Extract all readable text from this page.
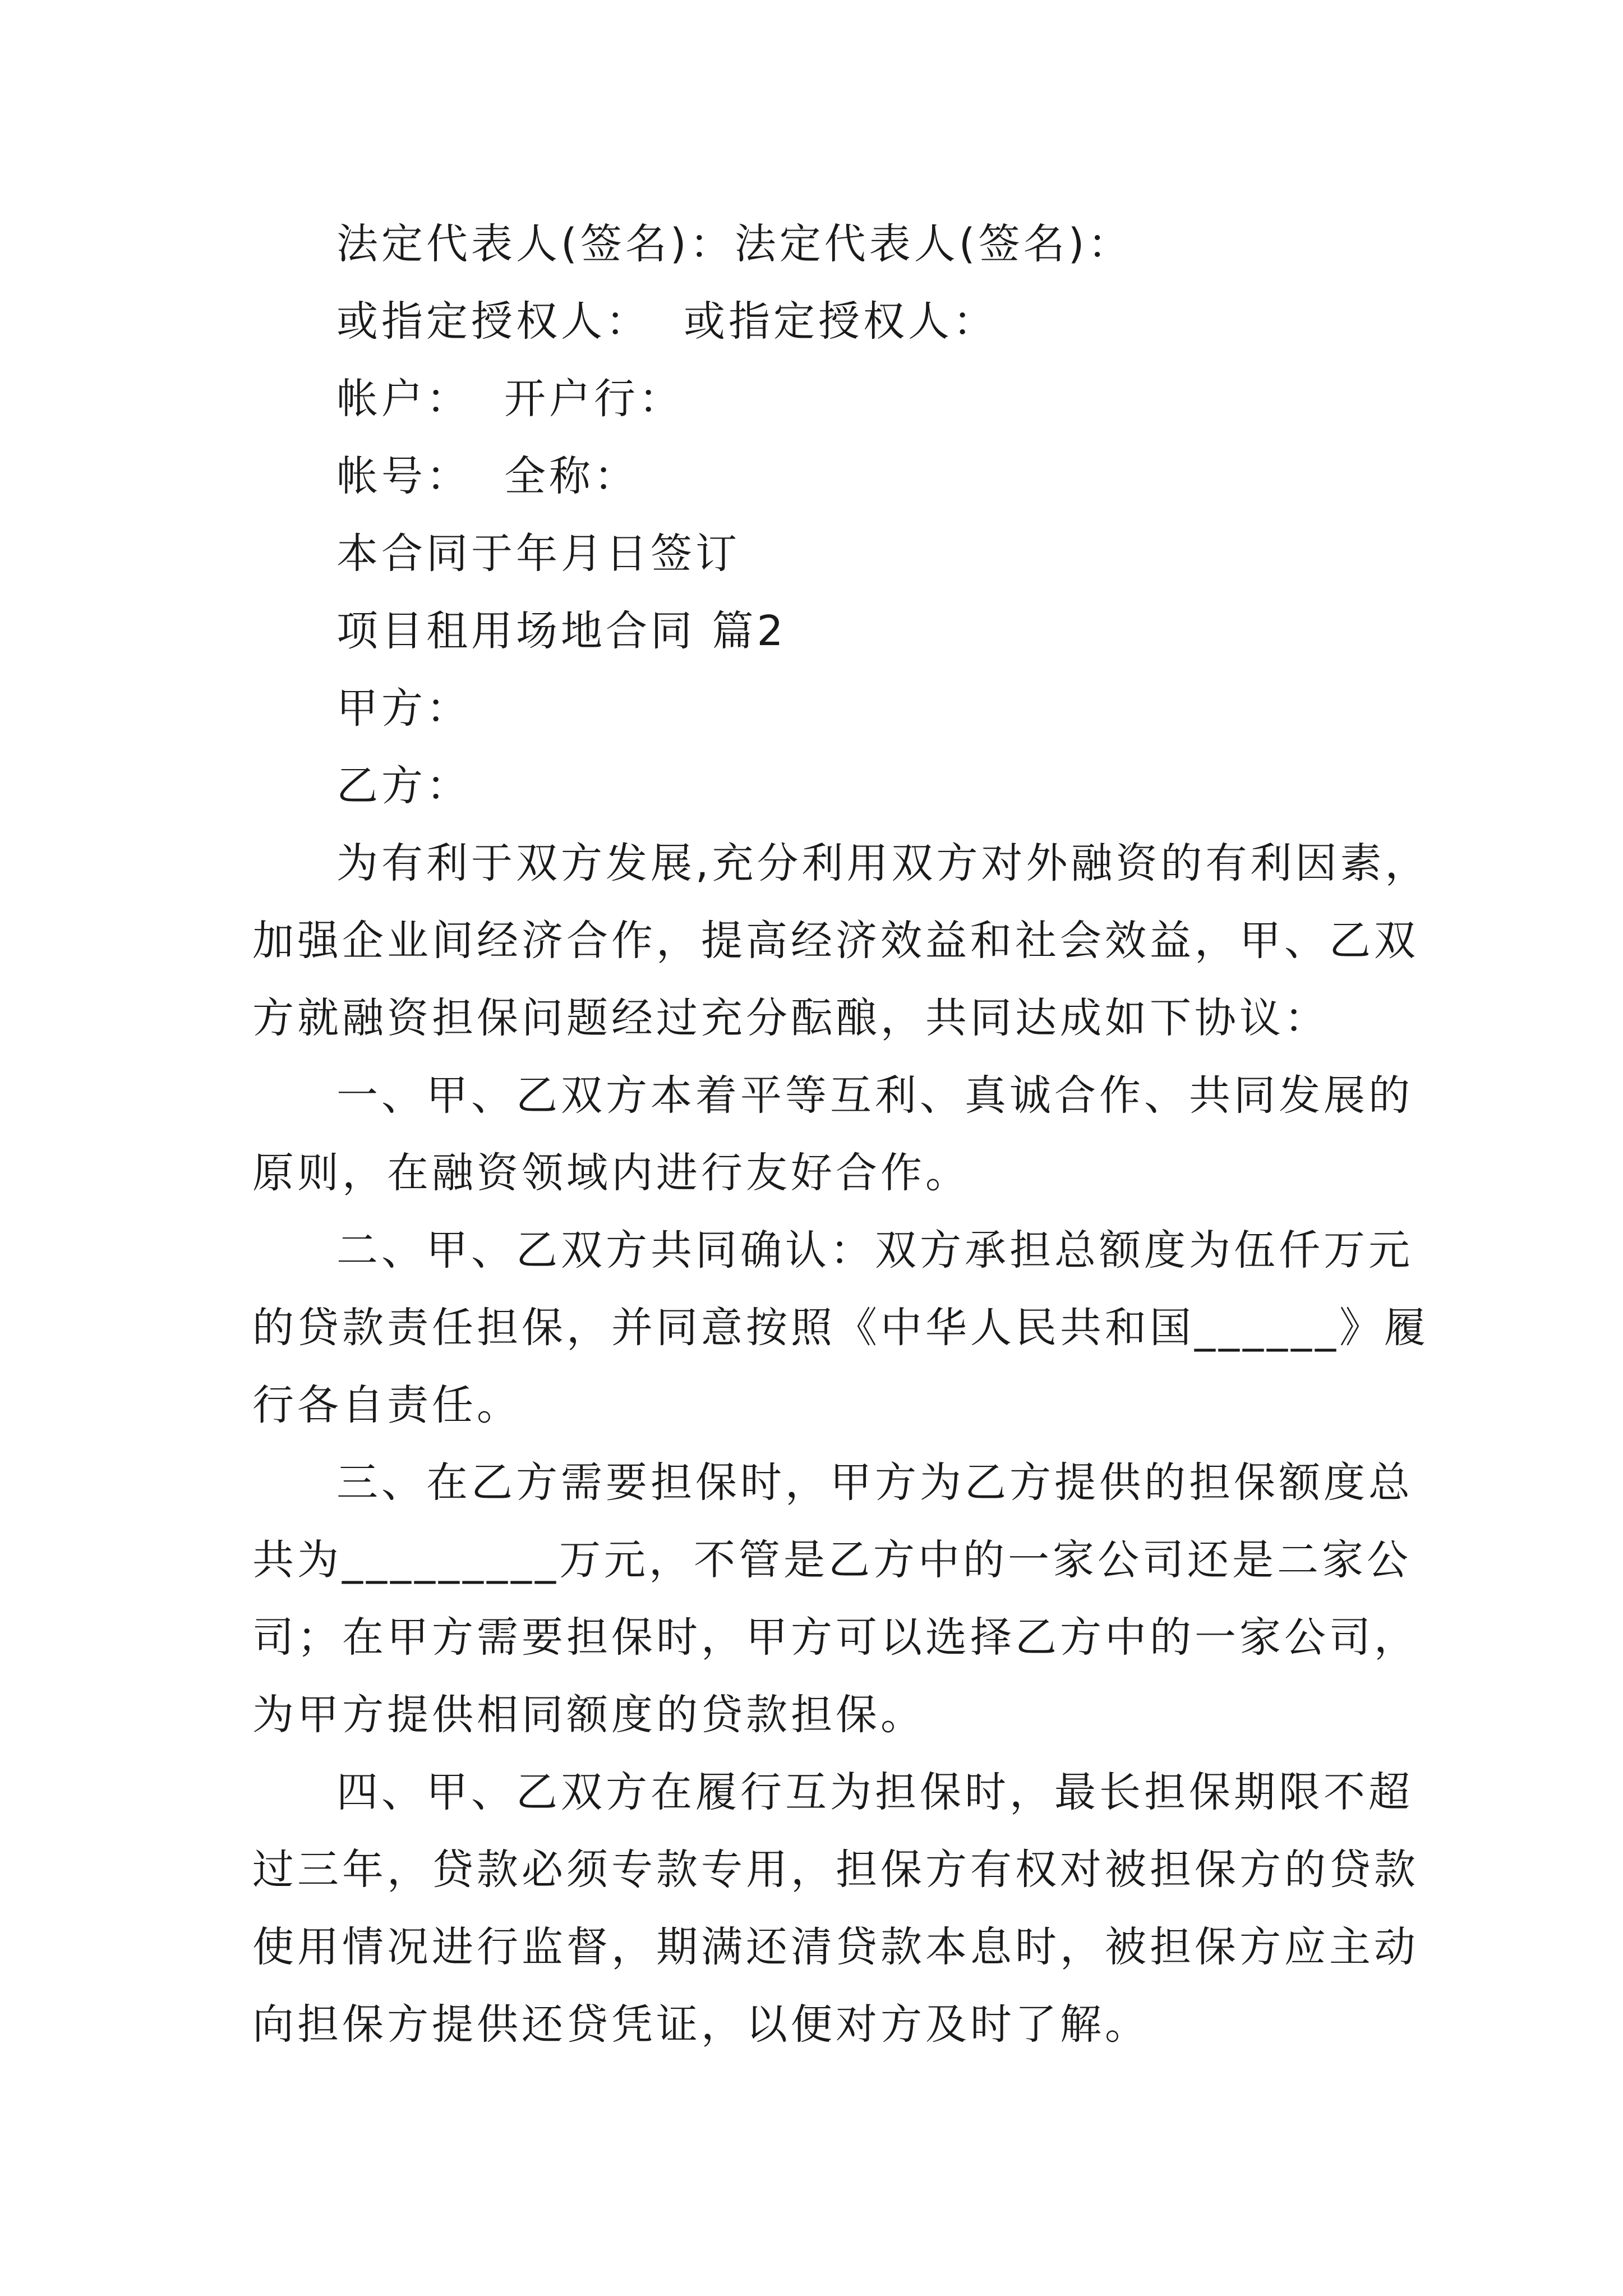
法定代表人(签名)：法定代表人(签名)：

或指定授权人：  或指定授权人：

帐户：  开户行：

帐号：  全称：

本合同于年月日签订

项目租用场地合同 篇2

甲方：

乙方：

为有利于双方发展,充分利用双方对外融资的有利因素，

加强企业间经济合作，提高经济效益和社会效益，甲、乙双

方就融资担保问题经过充分酝酿，共同达成如下协议：

一、甲、乙双方本着平等互利、真诚合作、共同发展的

原则，在融资领域内进行友好合作。

二、甲、乙双方共同确认：双方承担总额度为伍仟万元

的贷款责任担保，并同意按照《中华人民共和国______》履

行各自责任。

三、在乙方需要担保时，甲方为乙方提供的担保额度总

共为_________万元，不管是乙方中的一家公司还是二家公

司；在甲方需要担保时，甲方可以选择乙方中的一家公司，

为甲方提供相同额度的贷款担保。

四、甲、乙双方在履行互为担保时，最长担保期限不超

过三年，贷款必须专款专用，担保方有权对被担保方的贷款

使用情况进行监督，期满还清贷款本息时，被担保方应主动

向担保方提供还贷凭证，以便对方及时了解。
